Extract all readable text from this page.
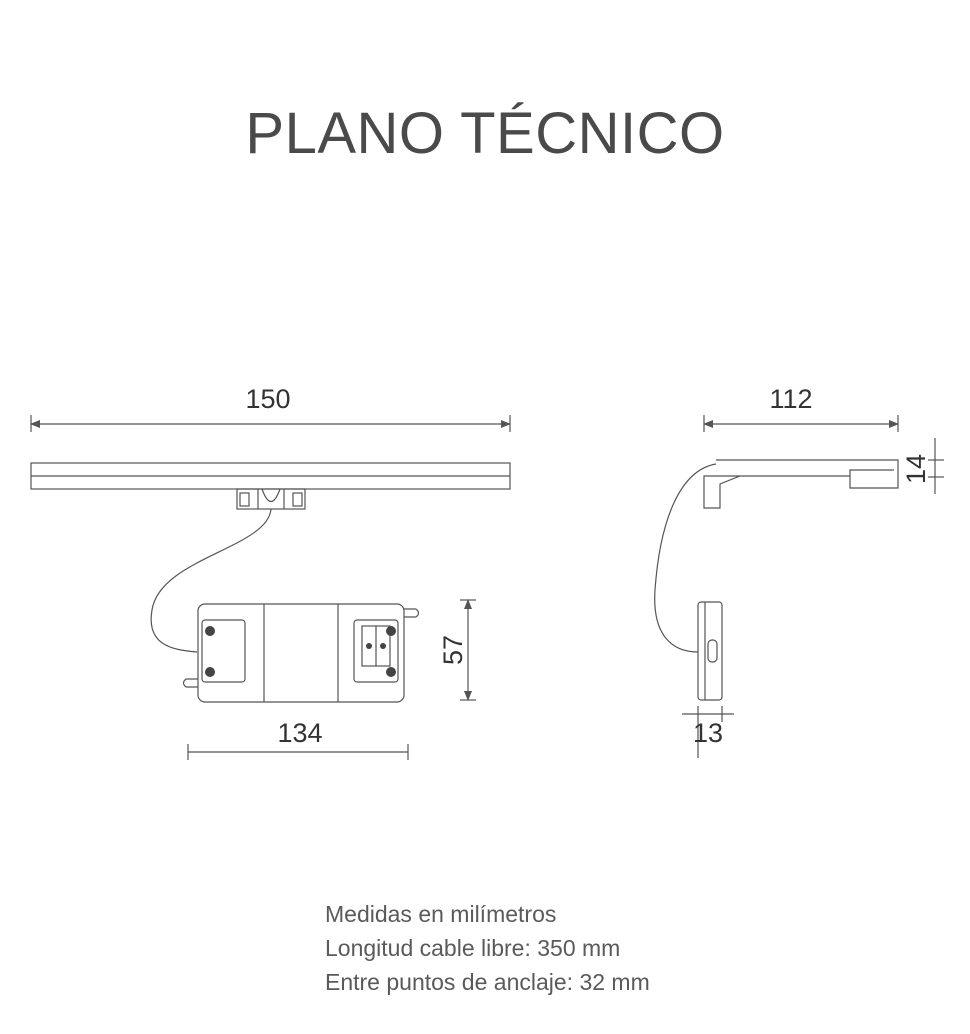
PLANO TÉCNICO
150
134
57
112
14
13
Medidas en milímetros
Longitud cable libre: 350 mm
Entre puntos de anclaje: 32 mm
